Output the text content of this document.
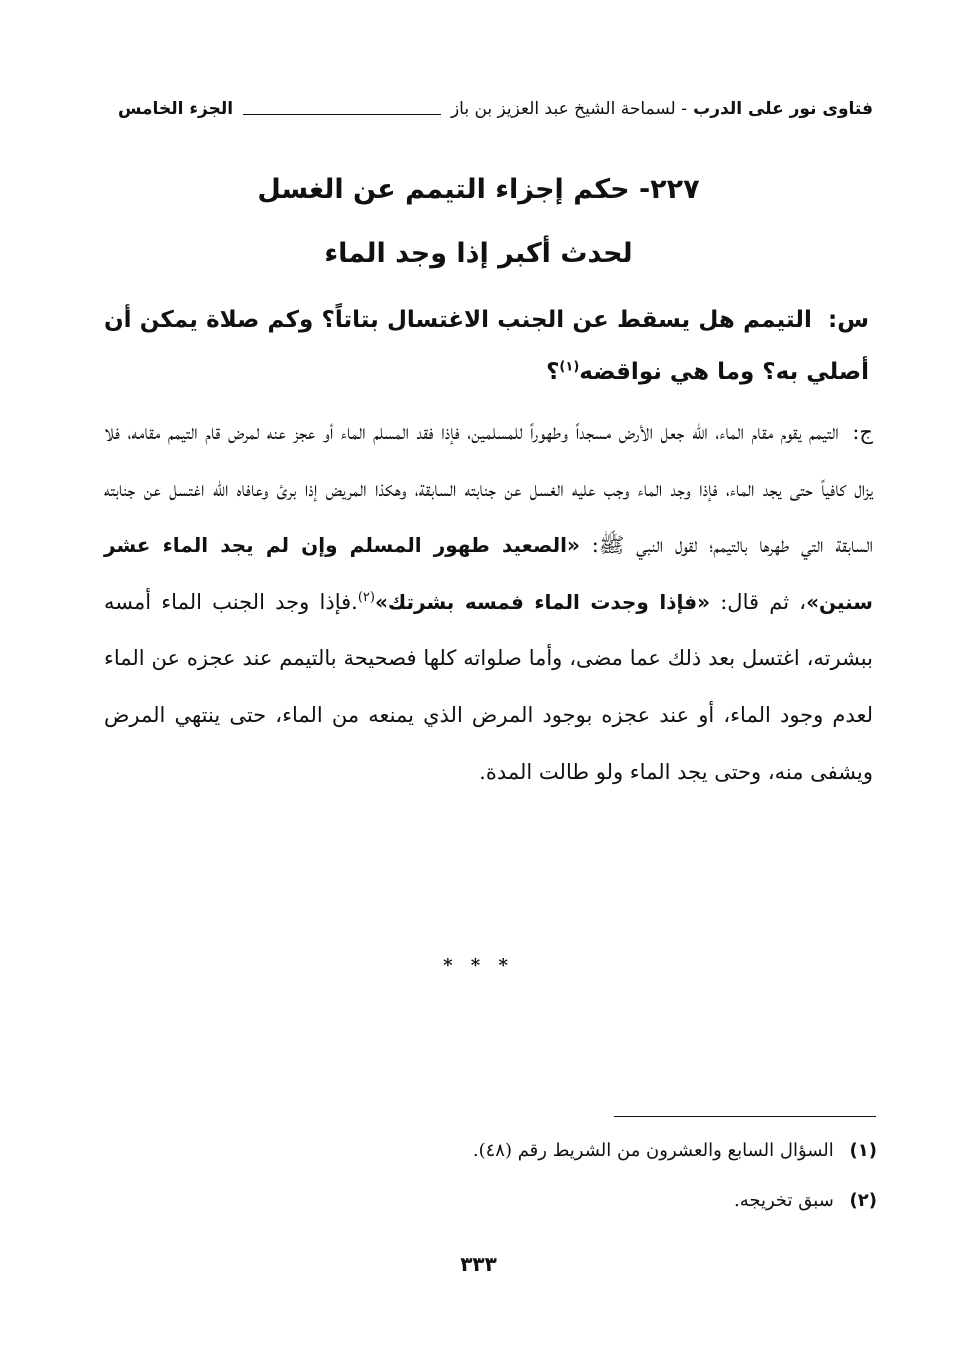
فتاوى نور على الدرب - لسماحة الشيخ عبد العزيز بن باز
الجزء الخامس

٢٢٧- حكم إجزاء التيمم عن الغسل

لحدث أكبر إذا وجد الماء

س: التيمم هل يسقط عن الجنب الاغتسال بتاتاً؟ وكم صلاة يمكن أن أصلي به؟ وما هي نواقضه$^{(١)}$؟
ج: التيمم يقوم مقام الماء، الله جعل الأرض مسجداً وطهوراً للمسلمين، فإذا فقد المسلم الماء أو عجز عنه لمرض قام التيمم مقامه، فلا يزال كافياً حتى يجد الماء، فإذا وجد الماء وجب عليه الغسل عن جنابته السابقة، وهكذا المريض إذا برئ وعافاه الله اغتسل عن جنابته السابقة التي طهرها بالتيمم؛ لقول النبي ﷺ: «الصعيد طهور المسلم وإن لم يجد الماء عشر سنين»، ثم قال: «فإذا وجدت الماء فمسه بشرتك»$^{(٢)}$.فإذا وجد الجنب الماء أمسه ببشرته، اغتسل بعد ذلك عما مضى، وأما صلواته كلها فصحيحة بالتيمم عند عجزه عن الماء لعدم وجود الماء، أو عند عجزه بوجود المرض الذي يمنعه من الماء، حتى ينتهي المرض ويشفى منه، وحتى يجد الماء ولو طالت المدة.
* * *
(١) السؤال السابع والعشرون من الشريط رقم (٤٨).
(٢) سبق تخريجه.
٣٣٣
